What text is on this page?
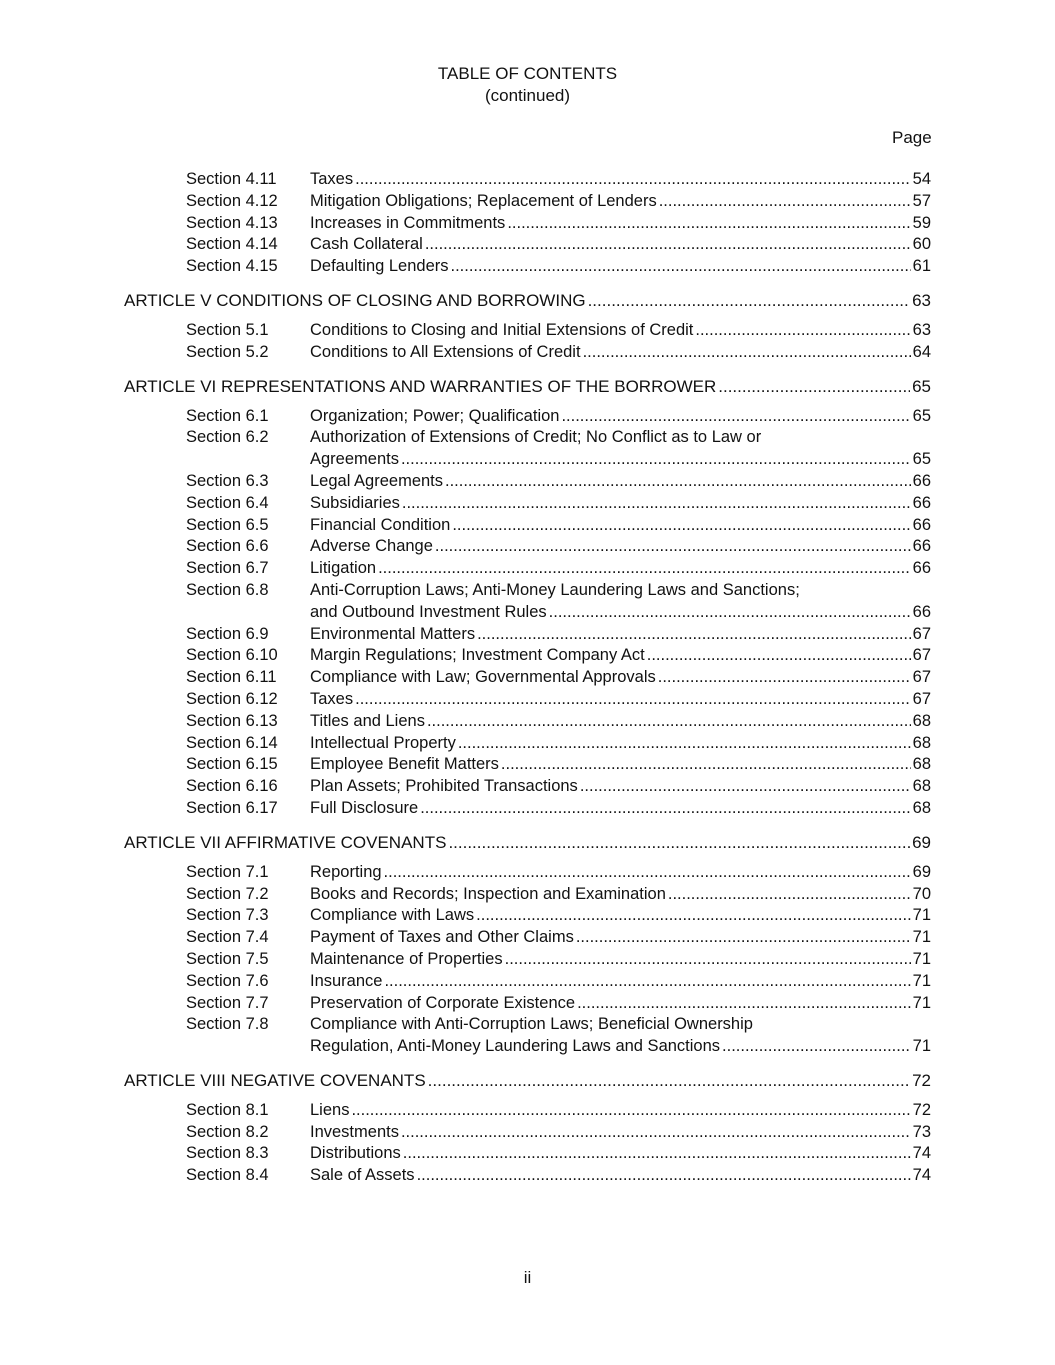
TABLE OF CONTENTS
(continued)
Page
Section 4.11	Taxes .....	54
Section 4.12	Mitigation Obligations; Replacement of Lenders .....	57
Section 4.13	Increases in Commitments .....	59
Section 4.14	Cash Collateral .....	60
Section 4.15	Defaulting Lenders .....	61
ARTICLE V CONDITIONS OF CLOSING AND BORROWING .....	63
Section 5.1	Conditions to Closing and Initial Extensions of Credit .....	63
Section 5.2	Conditions to All Extensions of Credit .....	64
ARTICLE VI REPRESENTATIONS AND WARRANTIES OF THE BORROWER .....	65
Section 6.1	Organization; Power; Qualification .....	65
Section 6.2	Authorization of Extensions of Credit; No Conflict as to Law or
Agreements .....	65
Section 6.3	Legal Agreements .....	66
Section 6.4	Subsidiaries .....	66
Section 6.5	Financial Condition .....	66
Section 6.6	Adverse Change .....	66
Section 6.7	Litigation .....	66
Section 6.8	Anti-Corruption Laws; Anti-Money Laundering Laws and Sanctions;
and Outbound Investment Rules .....	66
Section 6.9	Environmental Matters .....	67
Section 6.10	Margin Regulations; Investment Company Act .....	67
Section 6.11	Compliance with Law; Governmental Approvals .....	67
Section 6.12	Taxes .....	67
Section 6.13	Titles and Liens .....	68
Section 6.14	Intellectual Property .....	68
Section 6.15	Employee Benefit Matters .....	68
Section 6.16	Plan Assets; Prohibited Transactions .....	68
Section 6.17	Full Disclosure .....	68
ARTICLE VII AFFIRMATIVE COVENANTS .....	69
Section 7.1	Reporting .....	69
Section 7.2	Books and Records; Inspection and Examination .....	70
Section 7.3	Compliance with Laws .....	71
Section 7.4	Payment of Taxes and Other Claims .....	71
Section 7.5	Maintenance of Properties .....	71
Section 7.6	Insurance .....	71
Section 7.7	Preservation of Corporate Existence .....	71
Section 7.8	Compliance with Anti-Corruption Laws; Beneficial Ownership
Regulation, Anti-Money Laundering Laws and Sanctions .....	71
ARTICLE VIII NEGATIVE COVENANTS .....	72
Section 8.1	Liens .....	72
Section 8.2	Investments .....	73
Section 8.3	Distributions .....	74
Section 8.4	Sale of Assets .....	74
ii
